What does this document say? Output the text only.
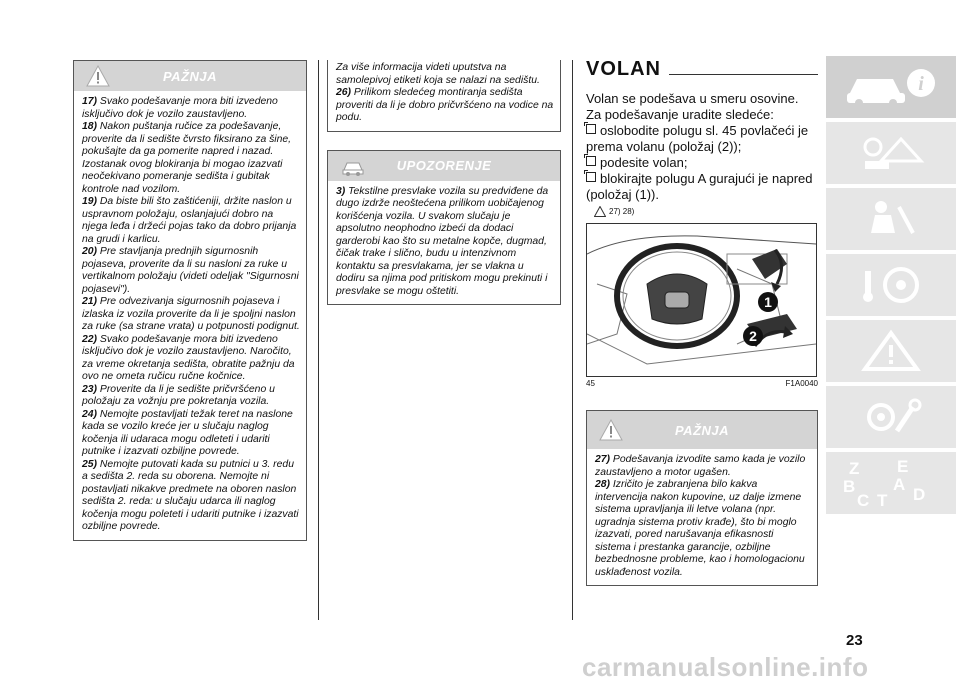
PAŽNJA

17) Svako podešavanje mora biti izvedeno isključivo dok je vozilo zaustavljeno.

18) Nakon puštanja ručice za podešavanje, proverite da li sedište čvrsto fiksirano za šine, pokušajte da ga pomerite napred i nazad. Izostanak ovog blokiranja bi mogao izazvati neočekivano pomeranje sedišta i gubitak kontrole nad vozilom.

19) Da biste bili što zaštićeniji, držite naslon u uspravnom položaju, oslanjajući dobro na njega leđa i držeći pojas tako da dobro prijanja na grudi i karlicu.

20) Pre stavljanja prednjih sigurnosnih pojaseva, proverite da li su nasloni za ruke u vertikalnom položaju (videti odeljak "Sigurnosni pojasevi").

21) Pre odvezivanja sigurnosnih pojaseva i izlaska iz vozila proverite da li je spoljni naslon za ruke (sa strane vrata) u potpunosti podignut.

22) Svako podešavanje mora biti izvedeno isključivo dok je vozilo zaustavljeno. Naročito, za vreme okretanja sedišta, obratite pažnju da ovo ne ometa ručicu ručne kočnice.

23) Proverite da li je sedište pričvršćeno u položaju za vožnju pre pokretanja vozila.

24) Nemojte postavljati težak teret na naslone kada se vozilo kreće jer u slučaju naglog kočenja ili udaraca mogu odleteti i udariti putnike i izazvati ozbiljne povrede.

25) Nemojte putovati kada su putnici u 3. redu a sedišta 2. reda su oborena. Nemojte ni postavljati nikakve predmete na oboren naslon sedišta 2. reda: u slučaju udarca ili naglog kočenja mogu poleteti i udariti putnike i izazvati ozbiljne povrede.

Za više informacija videti uputstva na samolepivoj etiketi koja se nalazi na sedištu.

26) Prilikom sledećeg montiranja sedišta proveriti da li je dobro pričvršćeno na vodice na podu.

UPOZORENJE

3) Tekstilne presvlake vozila su predviđene da dugo izdrže neoštećena prilikom uobičajenog korišćenja vozila. U svakom slučaju je apsolutno neophodno izbeći da dodaci garderobi kao što su metalne kopče, dugmad, čičak trake i slično, budu u intenzivnom kontaktu sa presvlakama, jer se vlakna u dodiru sa njima pod pritiskom mogu prekinuti i presvlake se mogu oštetiti.

VOLAN

Volan se podešava u smeru osovine.

Za podešavanje uradite sledeće:

oslobodite polugu sl. 45 povlačeći je prema volanu (položaj (2));

podesite volan;

blokirajte polugu A gurajući je napred (položaj (1)).

27) 28)
1
2
45	F1A0040
PAŽNJA

27) Podešavanja izvodite samo kada je vozilo zaustavljeno a motor ugašen.

28) Izričito je zabranjena bilo kakva intervencija nakon kupovine, uz dalje izmene sistema upravljanja ili letve volana (npr. ugradnja sistema protiv krađe), što bi moglo izazvati, pored narušavanja efikasnosti sistema i prestanka garancije, ozbiljne bezbednosne probleme, kao i homologacionu usklađenost vozila.

i
Z E
B A
C T D
23
carmanualsonline.info
